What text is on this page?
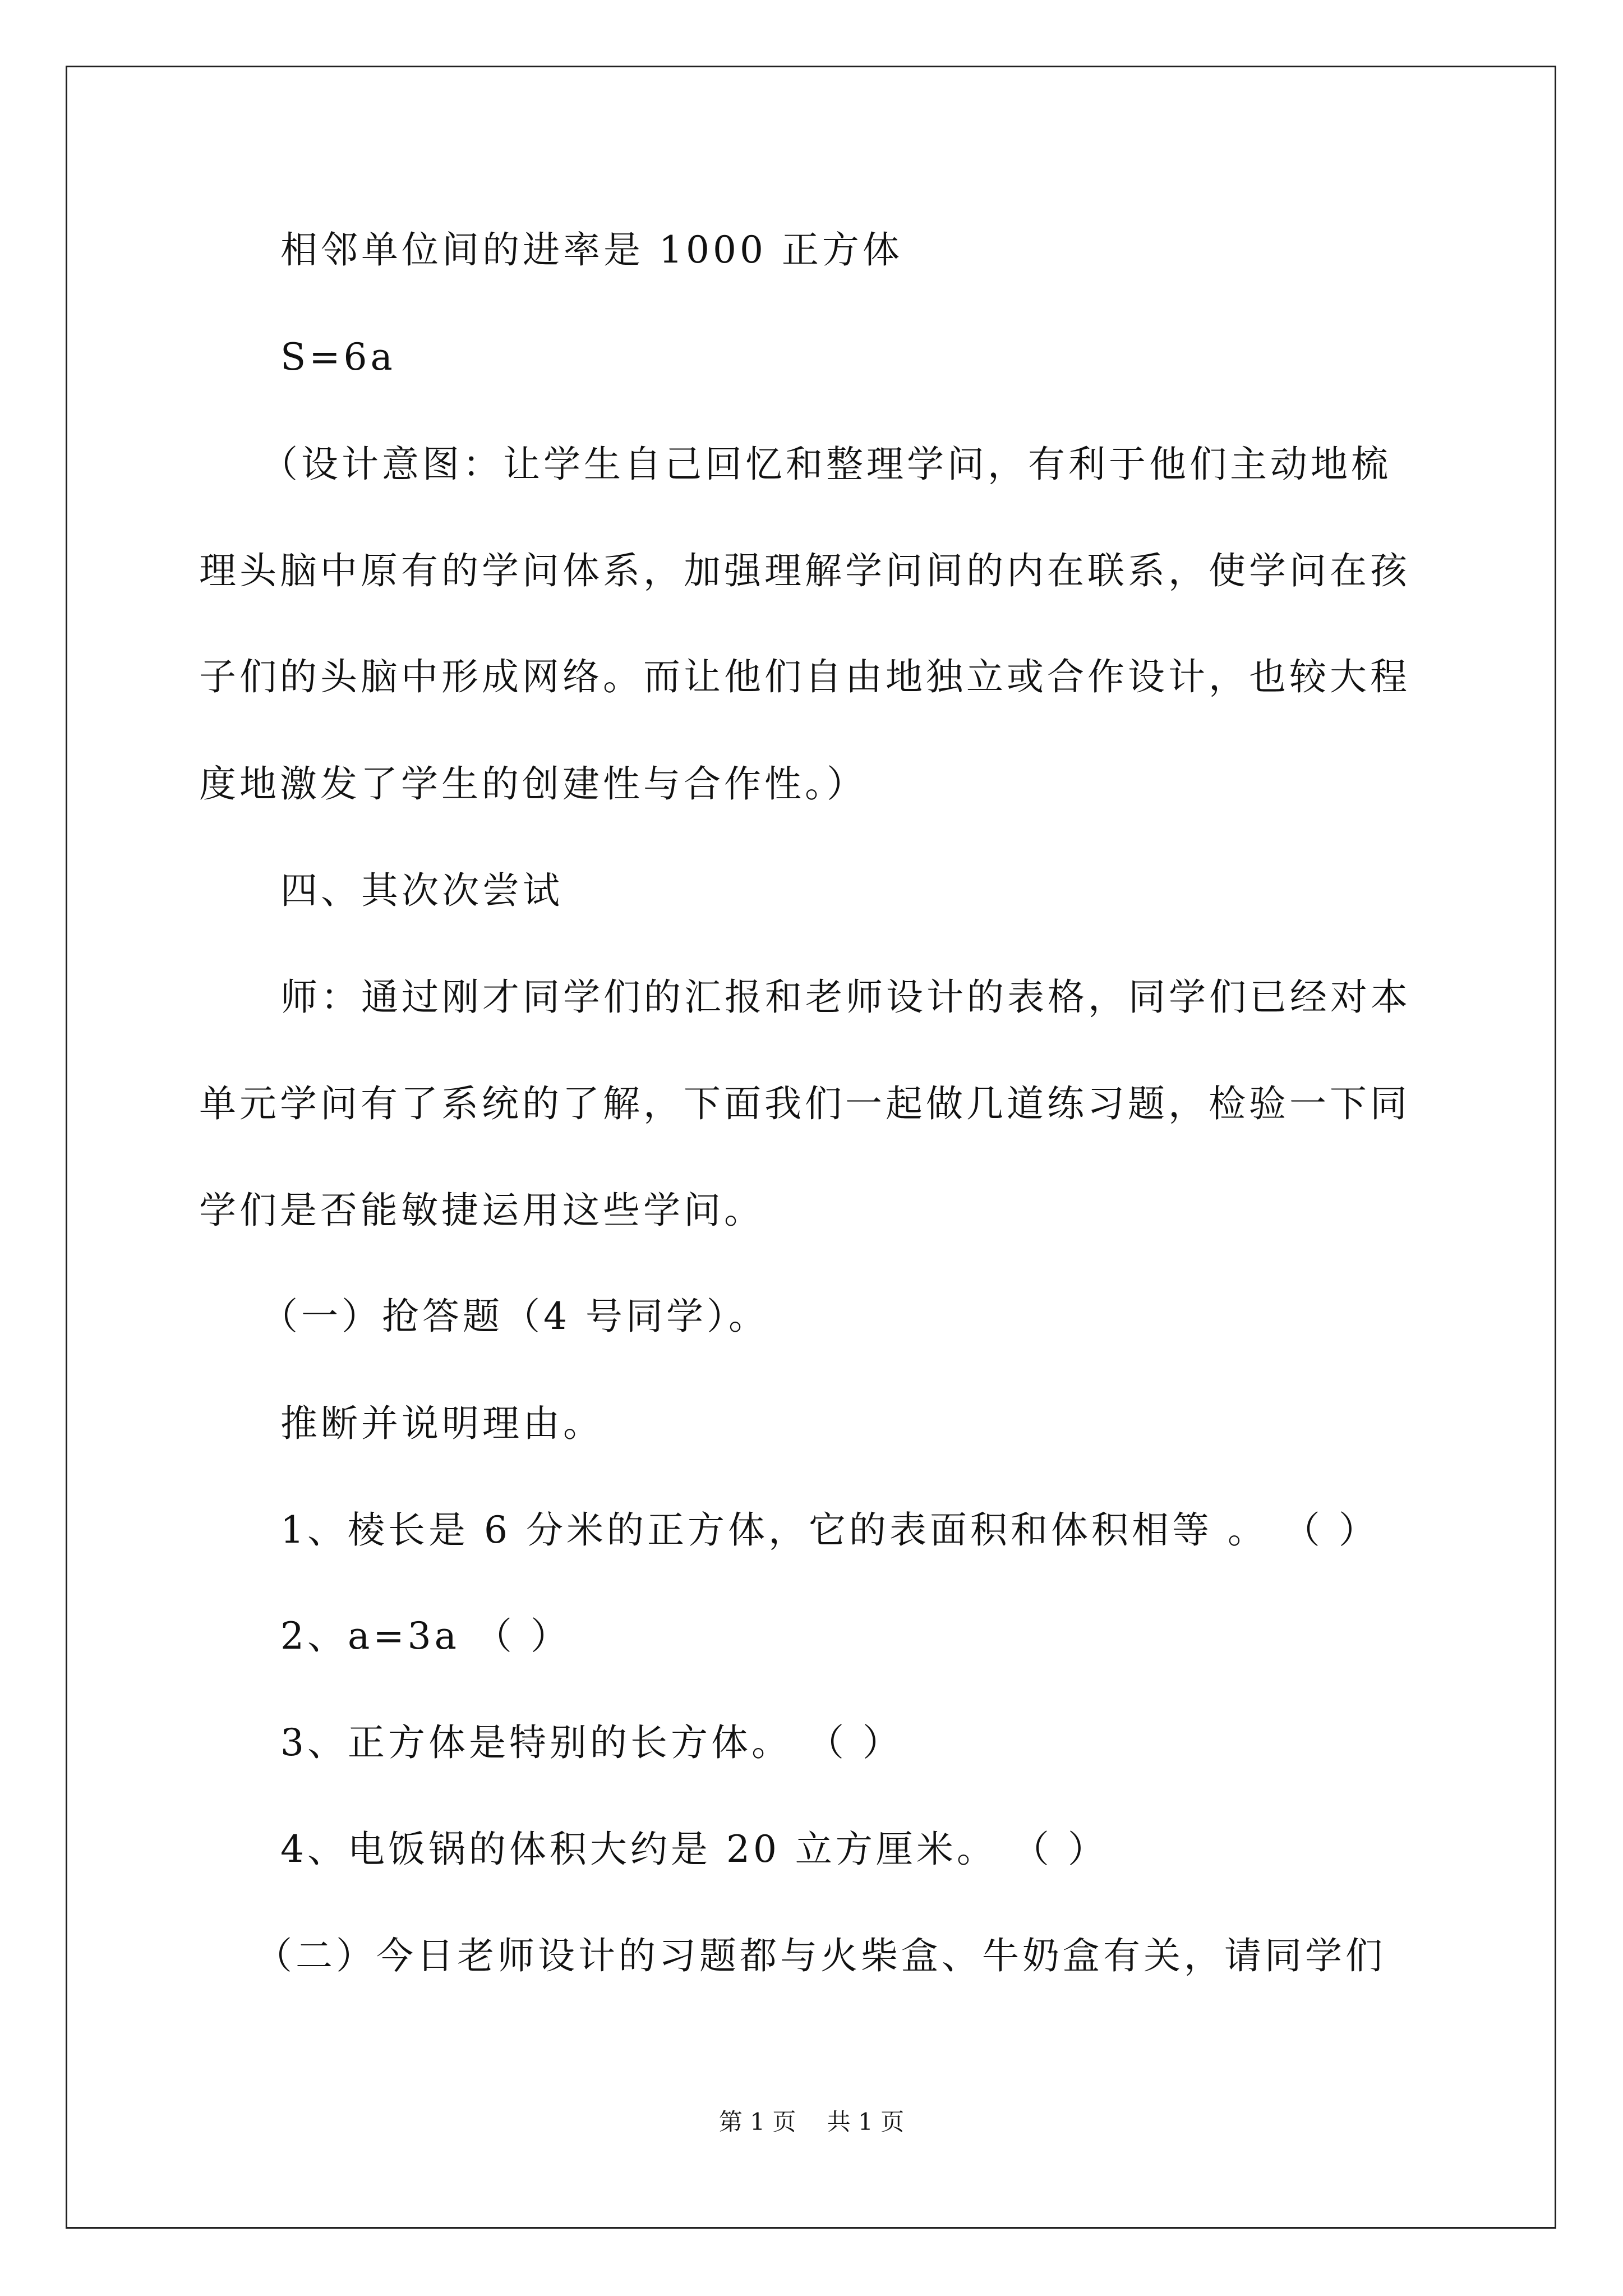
相邻单位间的进率是 1000 正方体
S=6a
（设计意图：让学生自己回忆和整理学问，有利于他们主动地梳
理头脑中原有的学问体系，加强理解学问间的内在联系，使学问在孩
子们的头脑中形成网络。而让他们自由地独立或合作设计，也较大程
度地激发了学生的创建性与合作性。）
四、其次次尝试
师：通过刚才同学们的汇报和老师设计的表格，同学们已经对本
单元学问有了系统的了解，下面我们一起做几道练习题，检验一下同
学们是否能敏捷运用这些学问。
（一）抢答题（4 号同学）。
推断并说明理由。
1、棱长是 6 分米的正方体，它的表面积和体积相等 。 （ ）
2、a=3a （ ）
3、正方体是特别的长方体。 （ ）
4、电饭锅的体积大约是 20 立方厘米。 （ ）
（二）今日老师设计的习题都与火柴盒、牛奶盒有关，请同学们
第 1 页　 共 1 页
